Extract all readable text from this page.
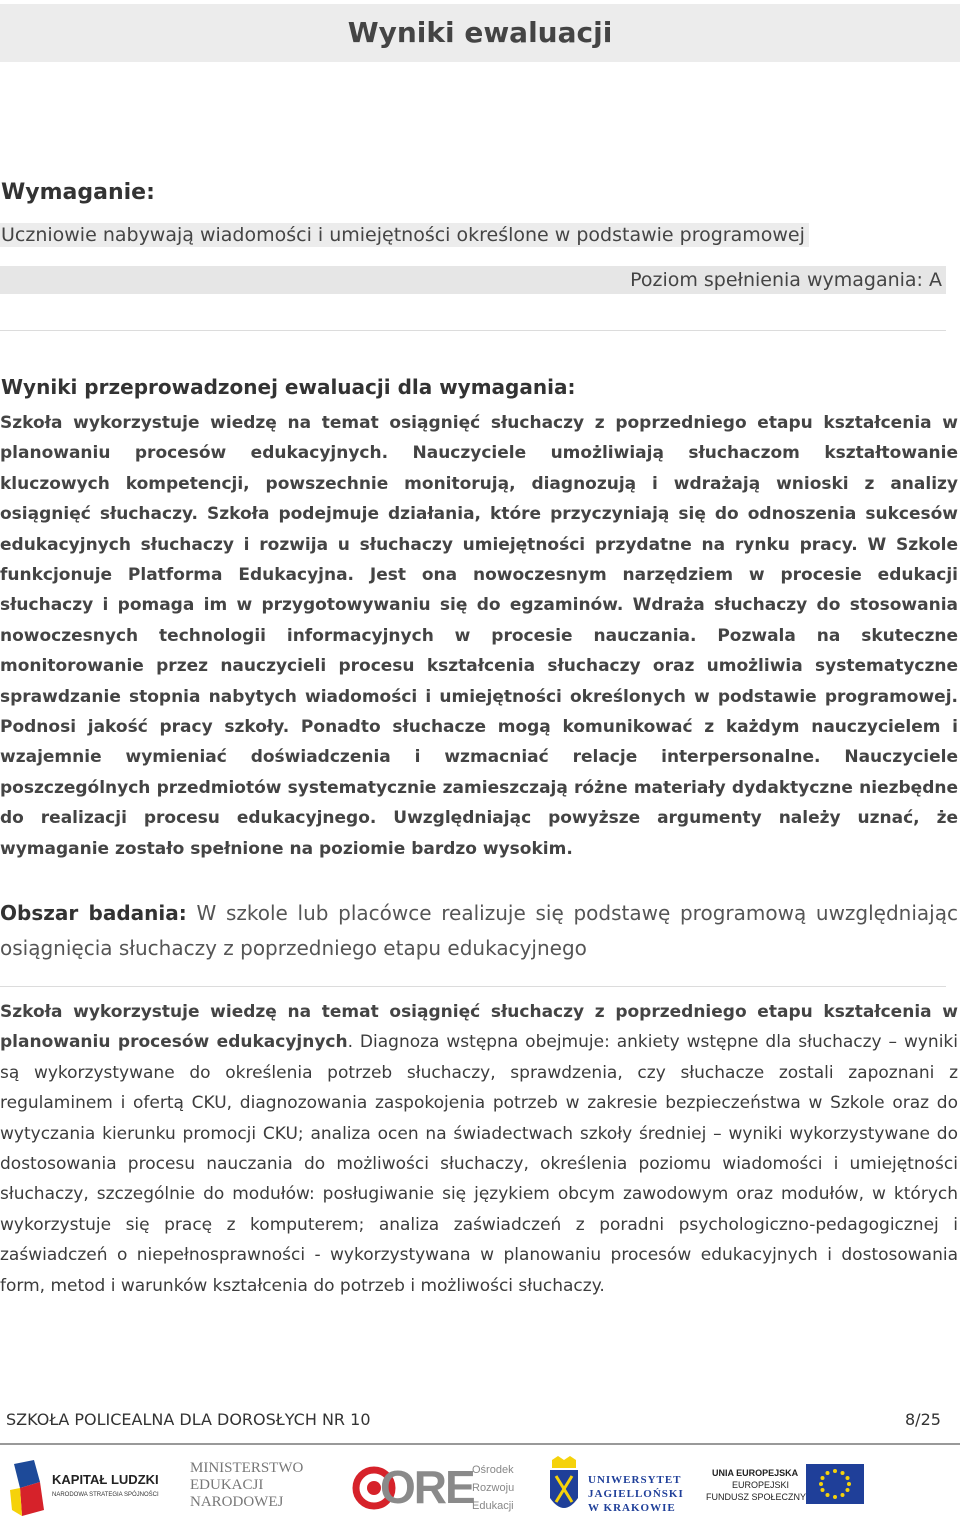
Wyniki ewaluacji
Wymaganie:
Uczniowie nabywają wiadomości i umiejętności określone w podstawie programowej
Poziom spełnienia wymagania: A
Wyniki przeprowadzonej ewaluacji dla wymagania:
Szkoła wykorzystuje wiedzę na temat osiągnięć słuchaczy z poprzedniego etapu kształcenia w planowaniu procesów edukacyjnych. Nauczyciele umożliwiają słuchaczom kształtowanie kluczowych kompetencji, powszechnie monitorują, diagnozują i wdrażają wnioski z analizy osiągnięć słuchaczy. Szkoła podejmuje działania, które przyczyniają się do odnoszenia sukcesów edukacyjnych słuchaczy i rozwija u słuchaczy umiejętności przydatne na rynku pracy. W Szkole funkcjonuje Platforma Edukacyjna. Jest ona nowoczesnym narzędziem w procesie edukacji słuchaczy i pomaga im w przygotowywaniu się do egzaminów. Wdraża słuchaczy do stosowania nowoczesnych technologii informacyjnych w procesie nauczania. Pozwala na skuteczne monitorowanie przez nauczycieli procesu kształcenia słuchaczy oraz umożliwia systematyczne sprawdzanie stopnia nabytych wiadomości i umiejętności określonych w podstawie programowej. Podnosi jakość pracy szkoły. Ponadto słuchacze mogą komunikować z każdym nauczycielem i wzajemnie wymieniać doświadczenia i wzmacniać relacje interpersonalne. Nauczyciele poszczególnych przedmiotów systematycznie zamieszczają różne materiały dydaktyczne niezbędne do realizacji procesu edukacyjnego. Uwzględniając powyższe argumenty należy uznać, że wymaganie zostało spełnione na poziomie bardzo wysokim.
Obszar badania: W szkole lub placówce realizuje się podstawę programową uwzględniając osiągnięcia słuchaczy z poprzedniego etapu edukacyjnego
Szkoła wykorzystuje wiedzę na temat osiągnięć słuchaczy z poprzedniego etapu kształcenia w planowaniu procesów edukacyjnych. Diagnoza wstępna obejmuje: ankiety wstępne dla słuchaczy – wyniki są wykorzystywane do określenia potrzeb słuchaczy, sprawdzenia, czy słuchacze zostali zapoznani z regulaminem i ofertą CKU, diagnozowania zaspokojenia potrzeb w zakresie bezpieczeństwa w Szkole oraz do wytyczania kierunku promocji CKU; analiza ocen na świadectwach szkoły średniej – wyniki wykorzystywane do dostosowania procesu nauczania do możliwości słuchaczy, określenia poziomu wiadomości i umiejętności słuchaczy, szczególnie do modułów: posługiwanie się językiem obcym zawodowym oraz modułów, w których wykorzystuje się pracę z komputerem; analiza zaświadczeń z poradni psychologiczno-pedagogicznej i zaświadczeń o niepełnosprawności - wykorzystywana w planowaniu procesów edukacyjnych i dostosowania form, metod i warunków kształcenia do potrzeb i możliwości słuchaczy.
SZKOŁA POLICEALNA DLA DOROSŁYCH NR 10	8/25
KAPITAŁ LUDZKI
NARODOWA STRATEGIA SPÓJNOŚCI
MINISTERSTWO
EDUKACJI
NARODOWEJ ORE
Ośrodek
Rozwoju
Edukacji
UNIWERSYTET
JAGIELLOŃSKI
W KRAKOWIE
UNIA EUROPEJSKA
EUROPEJSKI
FUNDUSZ SPOŁECZNY
